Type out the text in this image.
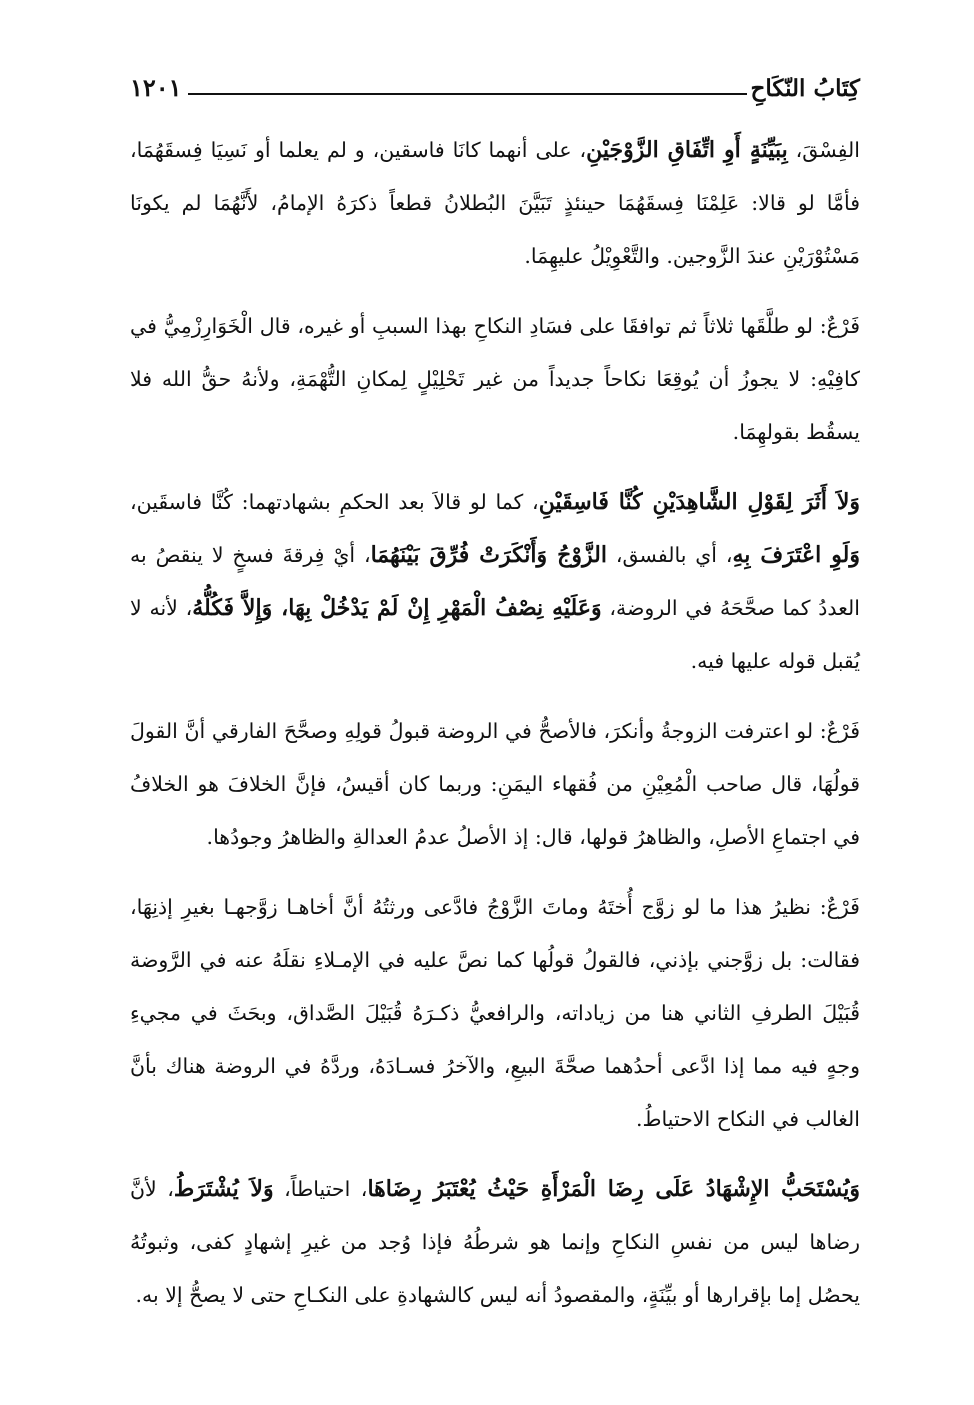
كِتَابُ النّكَاحِ
١٢٠١

الفِسْقَ، بِبَيِّنَةٍ أَوِ اتِّفَاقِ الزَّوْجَيْنِ، على أنهما كانَا فاسقين، و لم يعلما أو نَسِيَا فِسقَهُمَا، فأمَّا لو قالا: عَلِمْنَا فِسقَهُمَا حينئذٍ تَبَيَّنَ البُطلانُ قطعاً ذكرَهُ الإمامُ، لأَنَّهُمَا لم يكونَا مَسْتُوْرَيْنِ عندَ الزَّوجين. والتَّعْوِيْلُ عليهِمَا.

فَرْعٌ: لو طلَّقَها ثلاثاً ثم توافقَا على فسَادِ النكاحِ بهذا السببِ أو غيره، قال الْخَوَارِزْمِيُّ في كافِيْهِ: لا يجوزُ أن يُوقِعَا نكاحاً جديداً من غير تَحْلِيْلٍ لِمكانِ التُّهْمَةِ، ولأنهُ حقُّ الله فلا يسقُط بقولهِمَا.

وَلاَ أَثَرَ لِقَوْلِ الشَّاهِدَيْنِ كُنَّا فَاسِقَيْنِ، كما لو قالاَ بعد الحكمِ بشهادتهما: كُنَّا فاسقَين، وَلَوِ اعْتَرَفَ بِهِ، أي بالفسق، الزَّوْجُ وَأَنْكَرَتْ فُرِّقَ بَيْنَهُمَا، أيْ فِرقةَ فسخٍ لا ينقصُ به العددُ كما صحَّحَهُ في الروضة، وَعَلَيْهِ نِصْفُ الْمَهْرِ إِنْ لَمْ يَدْخُلْ بِهَا، وَإِلاَّ فَكُلُّهُ، لأنه لا يُقبل قوله عليها فيه.

فَرْعٌ: لو اعترفت الزوجةُ وأنكرَ، فالأصحُّ في الروضة قبولُ قولِهِ وصحَّحَ الفارقي أنَّ القولَ قولُهَا، قال صاحب الْمُعِيْنِ من فُقهاء اليمَنِ: وربما كان أقيسُ، فإنَّ الخلافَ هو الخلافُ في اجتماعِ الأصلِ، والظاهرُ قولها، قال: إذ الأصلُ عدمُ العدالةِ والظاهرُ وجودُها.

فَرْعٌ: نظيرُ هذا ما لو زوَّج أُختَهُ وماتَ الزَّوْجُ فادَّعى ورثتُهُ أنَّ أخاهـا زوَّجهـا بغيرِ إذنِهَا، فقالت: بل زوَّجني بإذني، فالقولُ قولُها كما نصَّ عليه في الإمـلاءِ نقلَهُ عنه في الرَّوضة قُبَيْلَ الطرفِ الثاني هنا من زياداته، والرافعيُّ ذكـرَهُ قُبَيْلَ الصَّداق، وبحَثَ في مجيءِ وجهٍ فيه مما إذا ادَّعى أحدُهما صحَّةَ البيعِ، والآخرُ فسـادَهُ، وردَّهُ في الروضة هناك بأنَّ الغالب في النكاح الاحتياطُ.

وَيُسْتَحَبُّ الإِشْهَادُ عَلَى رِضَا الْمَرْأَةِ حَيْثُ يُعْتَبَرُ رِضَاهَا، احتياطاً، وَلاَ يُشْتَرَطُ، لأنَّ رضاها ليس من نفسِ النكاحِ وإنما هو شرطُهُ فإذا وُجد من غيرِ إشهادٍ كفى، وثبوتُهُ يحصُل إما بإقرارها أو بيِّنَةٍ، والمقصودُ أنه ليس كالشهادةِ على النكـاحِ حتى لا يصحُّ إلا به.
